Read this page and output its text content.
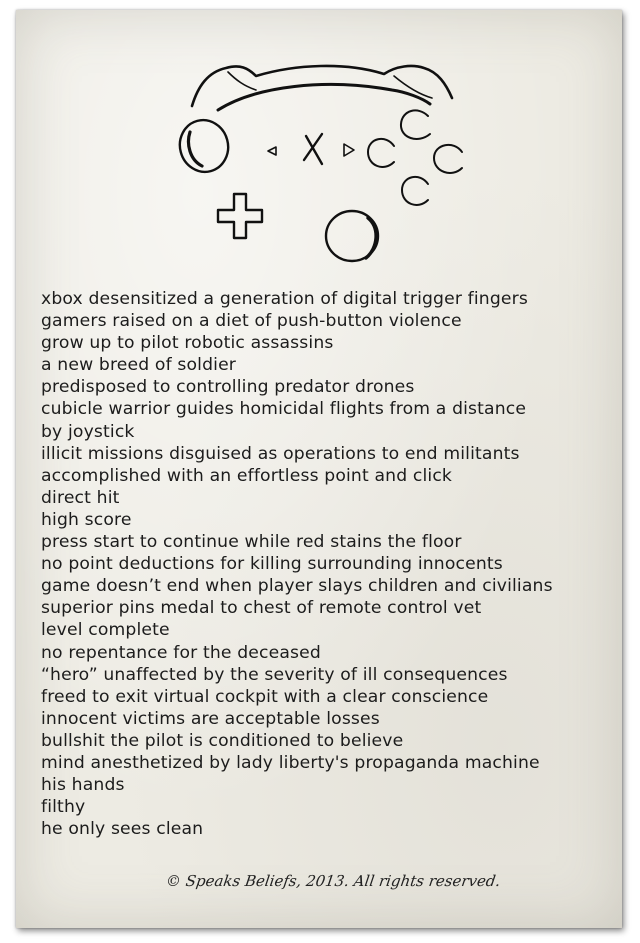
xbox desensitized a generation of digital trigger fingers
gamers raised on a diet of push-button violence
grow up to pilot robotic assassins
a new breed of soldier
predisposed to controlling predator drones
cubicle warrior guides homicidal flights from a distance
by joystick
illicit missions disguised as operations to end militants
accomplished with an effortless point and click
direct hit
high score
press start to continue while red stains the floor
no point deductions for killing surrounding innocents
game doesn’t end when player slays children and civilians
superior pins medal to chest of remote control vet
level complete
no repentance for the deceased
“hero” unaffected by the severity of ill consequences
freed to exit virtual cockpit with a clear conscience
innocent victims are acceptable losses
bullshit the pilot is conditioned to believe
mind anesthetized by lady liberty's propaganda machine
his hands
filthy
he only sees clean
© Speaks Beliefs, 2013. All rights reserved.
